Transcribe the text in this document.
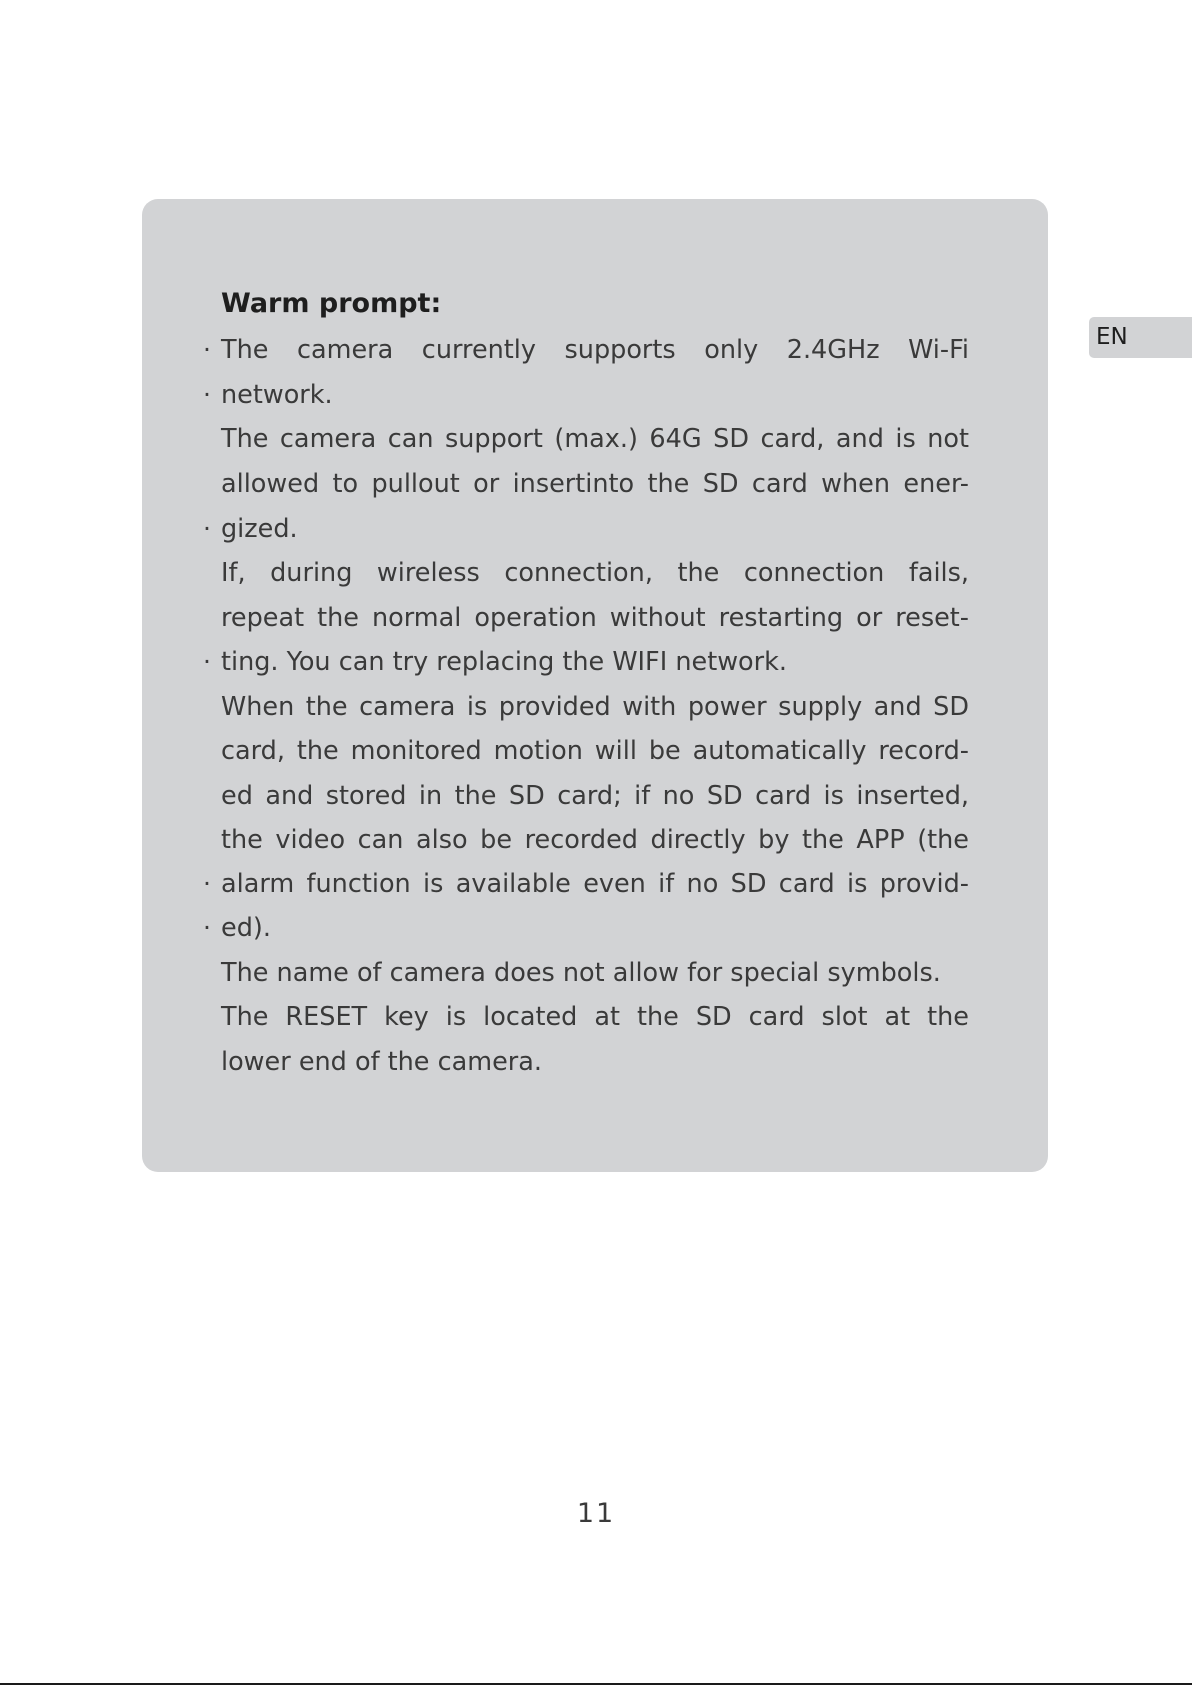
Warm prompt:
·
·
·
·
·
·
The camera currently supports only 2.4GHz Wi-Fi
network.
The camera can support (max.) 64G SD card, and is not
allowed to pullout or insertinto the SD card when ener-
gized.
If, during wireless connection, the connection fails,
repeat the normal operation without restarting or reset-
ting. You can try replacing the WIFI network.
When the camera is provided with power supply and SD
card, the monitored motion will be automatically record-
ed and stored in the SD card; if no SD card is inserted,
the video can also be recorded directly by the APP (the
alarm function is available even if no SD card is provid-
ed).
The name of camera does not allow for special symbols.
The RESET key is located at the SD card slot at the
lower end of the camera.
EN
11
